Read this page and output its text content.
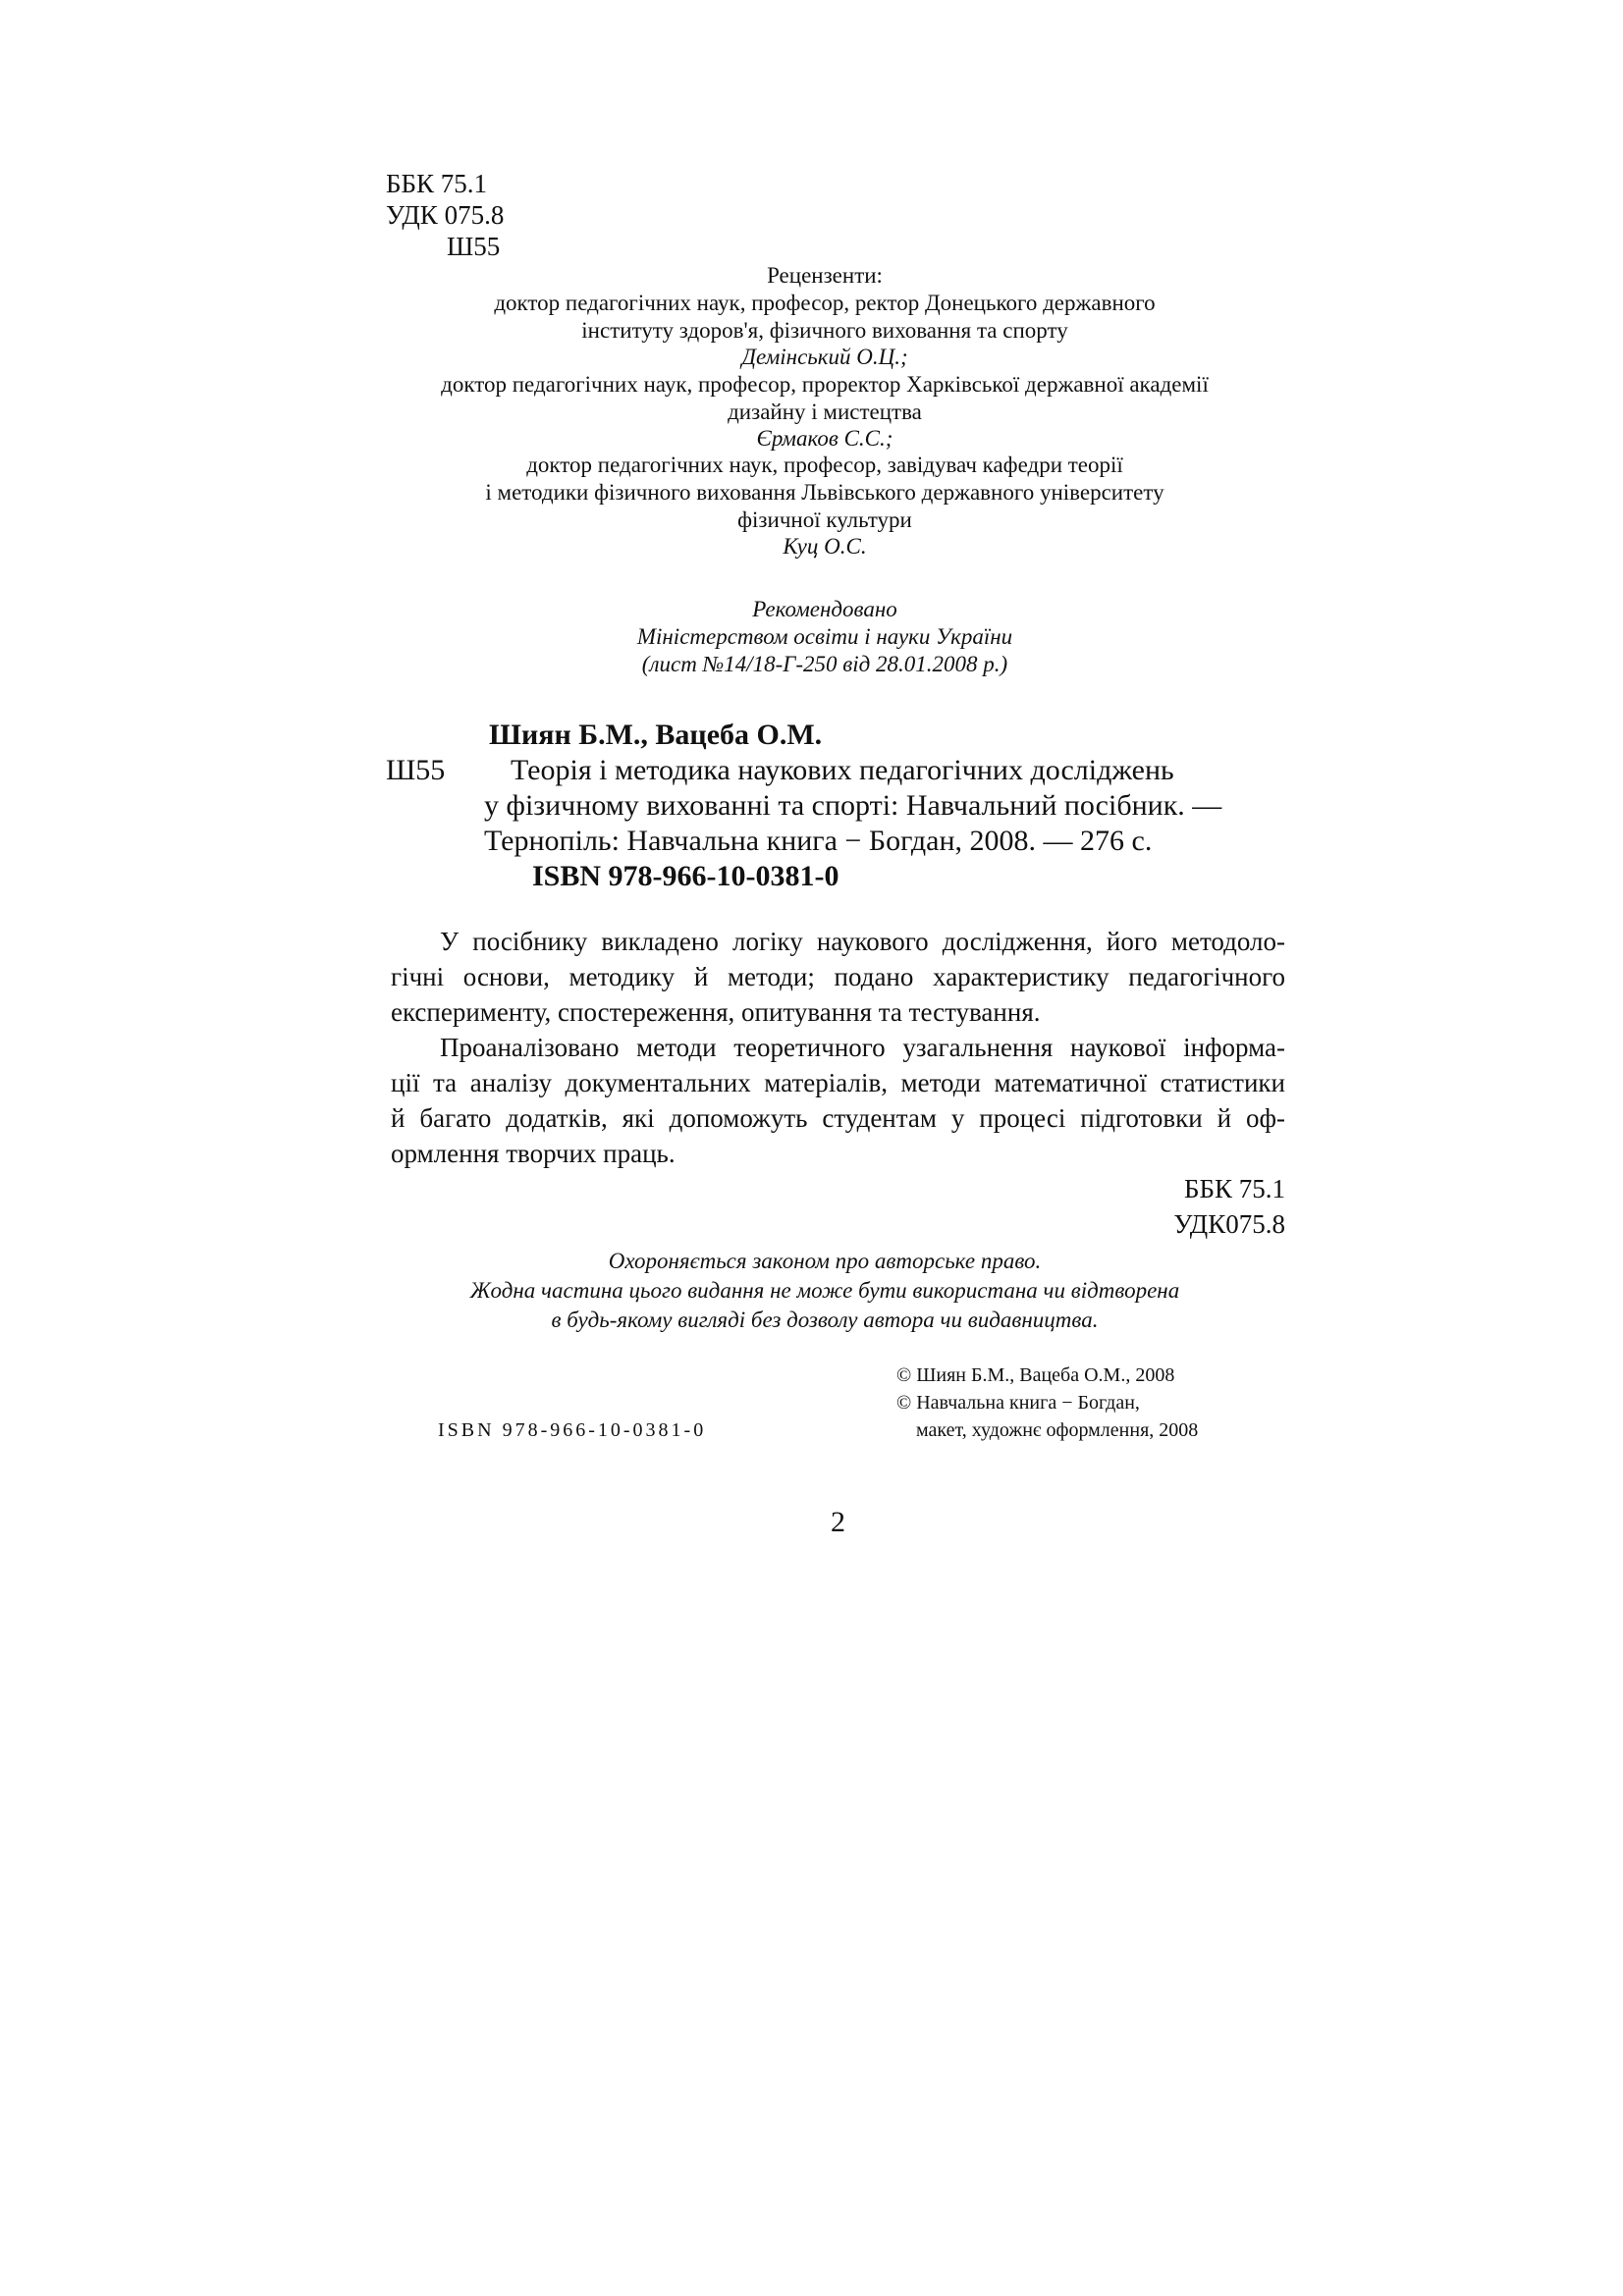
ББК 75.1
УДК 075.8
Ш55
Рецензенти:
доктор педагогічних наук, професор, ректор Донецького державного
інституту здоров'я, фізичного виховання та спорту
Демінський О.Ц.;
доктор педагогічних наук, професор, проректор Харківської державної академії
дизайну і мистецтва
Єрмаков С.С.;
доктор педагогічних наук, професор, завідувач кафедри теорії
і методики фізичного виховання Львівського державного університету
фізичної культури
Куц О.С.
Рекомендовано
Міністерством освіти і науки України
(лист №14/18-Г-250 від 28.01.2008 р.)
Шиян Б.М., Вацеба О.М.
Ш55 Теорія і методика наукових педагогічних досліджень
у фізичному вихованні та спорті: Навчальний посібник. —
Тернопіль: Навчальна книга − Богдан, 2008. — 276 с.
ISBN 978-966-10-0381-0
У посібнику викладено логіку наукового дослідження, його методоло-
гічні основи, методику й методи; подано характеристику педагогічного
експерименту, спостереження, опитування та тестування.
Проаналізовано методи теоретичного узагальнення наукової інформа-
ції та аналізу документальних матеріалів, методи математичної статистики
й багато додатків, які допоможуть студентам у процесі підготовки й оф-
ормлення творчих праць.
ББК 75.1
УДК075.8
Охороняється законом про авторське право.
Жодна частина цього видання не може бути використана чи відтворена
в будь-якому вигляді без дозволу автора чи видавництва.
© Шиян Б.М., Вацеба О.М., 2008
© Навчальна книга − Богдан,
макет, художнє оформлення, 2008
ISBN 978-966-10-0381-0
2
